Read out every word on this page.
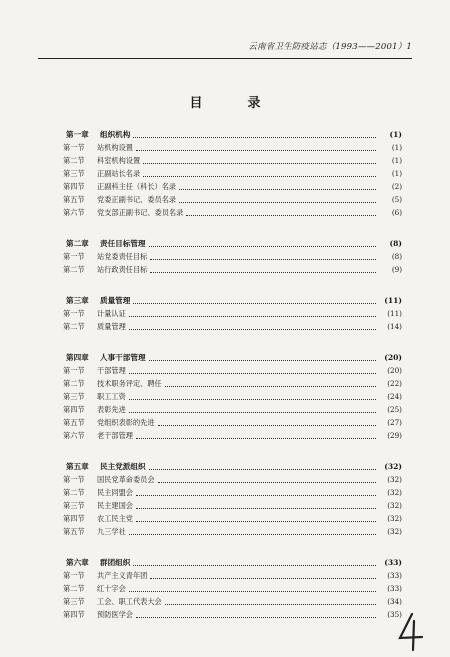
云南省卫生防疫站志（1993——2001）1
目　录
第一章	组织机构	(1)
第一节	站机构设置	(1)
第二节	科室机构设置	(1)
第三节	正副站长名录	(1)
第四节	正副科主任（科长）名录	(2)
第五节	党委正副书记、委员名录	(5)
第六节	党支部正副书记、委员名录	(6)
第二章	责任目标管理	(8)
第一节	站党委责任目标	(8)
第二节	站行政责任目标	(9)
第三章	质量管理	(11)
第一节	计量认证	(11)
第二节	质量管理	(14)
第四章	人事干部管理	(20)
第一节	干部管理	(20)
第二节	技术职务评定、聘任	(22)
第三节	职工工资	(24)
第四节	表彰先进	(25)
第五节	党组织表彰的先进	(27)
第六节	老干部管理	(29)
第五章	民主党派组织	(32)
第一节	国民党革命委员会	(32)
第二节	民主同盟会	(32)
第三节	民主建国会	(32)
第四节	农工民主党	(32)
第五节	九三学社	(32)
第六章	群团组织	(33)
第一节	共产主义青年团	(33)
第二节	红十字会	(33)
第三节	工会、职工代表大会	(34)
第四节	预防医学会	(35)
